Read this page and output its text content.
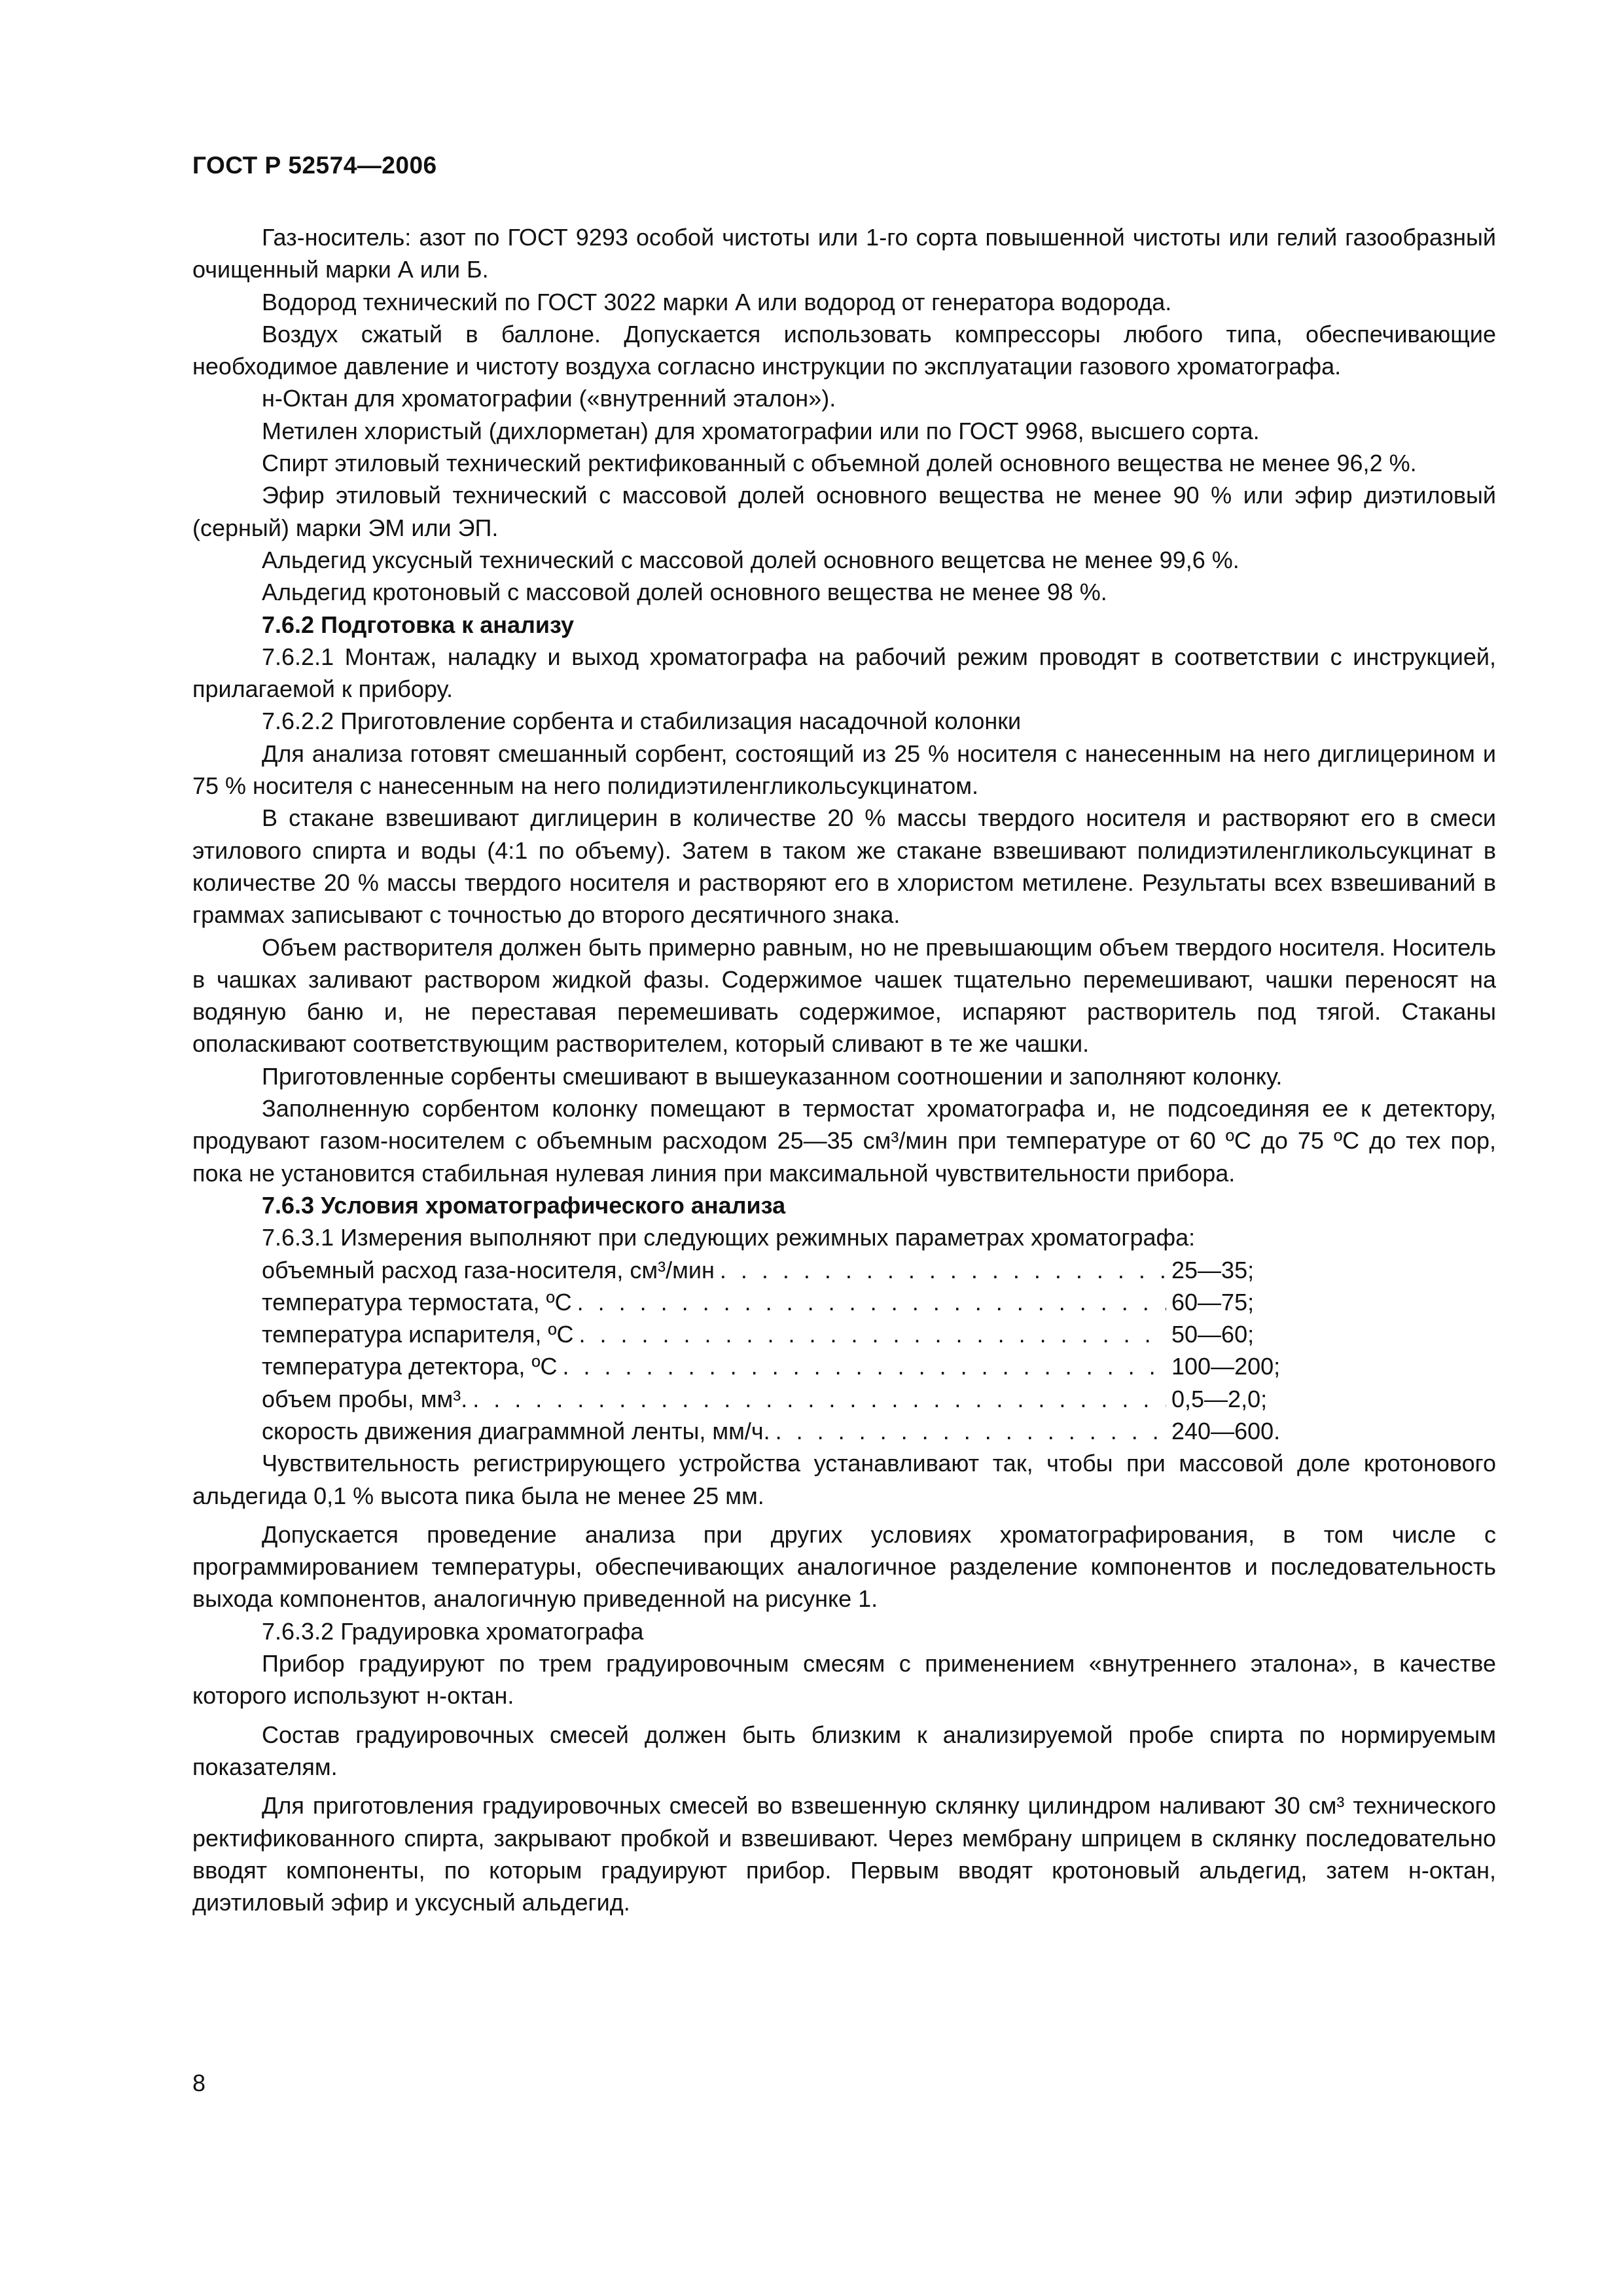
ГОСТ Р 52574—2006

Газ-носитель: азот по ГОСТ 9293 особой чистоты или 1-го сорта повышенной чистоты или гелий газообразный очищенный марки А или Б.

Водород технический по ГОСТ 3022 марки А или водород от генератора водорода.

Воздух сжатый в баллоне. Допускается использовать компрессоры любого типа, обеспечивающие необходимое давление и чистоту воздуха согласно инструкции по эксплуатации газового хроматографа.

н-Октан для хроматографии («внутренний эталон»).

Метилен хлористый (дихлорметан) для хроматографии или по ГОСТ 9968, высшего сорта.

Спирт этиловый технический ректификованный с объемной долей основного вещества не менее 96,2 %.

Эфир этиловый технический с массовой долей основного вещества не менее 90 % или эфир диэтиловый (серный) марки ЭМ или ЭП.

Альдегид уксусный технический с массовой долей основного вещетсва не менее 99,6 %.

Альдегид кротоновый с массовой долей основного вещества не менее 98 %.

7.6.2 Подготовка к анализу

7.6.2.1 Монтаж, наладку и выход хроматографа на рабочий режим проводят в соответствии с инструкцией, прилагаемой к прибору.

7.6.2.2 Приготовление сорбента и стабилизация насадочной колонки

Для анализа готовят смешанный сорбент, состоящий из 25 % носителя с нанесенным на него диглицерином и 75 % носителя с нанесенным на него полидиэтиленгликольсукцинатом.

В стакане взвешивают диглицерин в количестве 20 % массы твердого носителя и растворяют его в смеси этилового спирта и воды (4:1 по объему). Затем в таком же стакане взвешивают полидиэтиленгликольсукцинат в количестве 20 % массы твердого носителя и растворяют его в хлористом метилене. Результаты всех взвешиваний в граммах записывают с точностью до второго десятичного знака.

Объем растворителя должен быть примерно равным, но не превышающим объем твердого носителя. Носитель в чашках заливают раствором жидкой фазы. Содержимое чашек тщательно перемешивают, чашки переносят на водяную баню и, не переставая перемешивать содержимое, испаряют растворитель под тягой. Стаканы ополаскивают соответствующим растворителем, который сливают в те же чашки.

Приготовленные сорбенты смешивают в вышеуказанном соотношении и заполняют колонку.

Заполненную сорбентом колонку помещают в термостат хроматографа и, не подсоединяя ее к детектору, продувают газом-носителем с объемным расходом 25—35 см³/мин при температуре от 60 ºС до 75 ºС до тех пор, пока не установится стабильная нулевая линия при максимальной чувствительности прибора.

7.6.3 Условия хроматографического анализа

7.6.3.1 Измерения выполняют при следующих режимных параметрах хроматографа:

объемный расход газа-носителя, см³/мин . . .	25—35;
температура термостата, ºС . . .	60—75;
температура испарителя, ºС . . .	50—60;
температура детектора, ºС . . .	100—200;
объем пробы, мм³. . . .	0,5—2,0;
скорость движения диаграммной ленты, мм/ч. . . .	240—600.

Чувствительность регистрирующего устройства устанавливают так, чтобы при массовой доле кротонового альдегида 0,1 % высота пика была не менее 25 мм.

Допускается проведение анализа при других условиях хроматографирования, в том числе с программированием температуры, обеспечивающих аналогичное разделение компонентов и последовательность выхода компонентов, аналогичную приведенной на рисунке 1.

7.6.3.2 Градуировка хроматографа

Прибор градуируют по трем градуировочным смесям с применением «внутреннего эталона», в качестве которого используют н-октан.

Состав градуировочных смесей должен быть близким к анализируемой пробе спирта по нормируемым показателям.

Для приготовления градуировочных смесей во взвешенную склянку цилиндром наливают 30 см³ технического ректификованного спирта, закрывают пробкой и взвешивают. Через мембрану шприцем в склянку последовательно вводят компоненты, по которым градуируют прибор. Первым вводят кротоновый альдегид, затем н-октан, диэтиловый эфир и уксусный альдегид.

8
